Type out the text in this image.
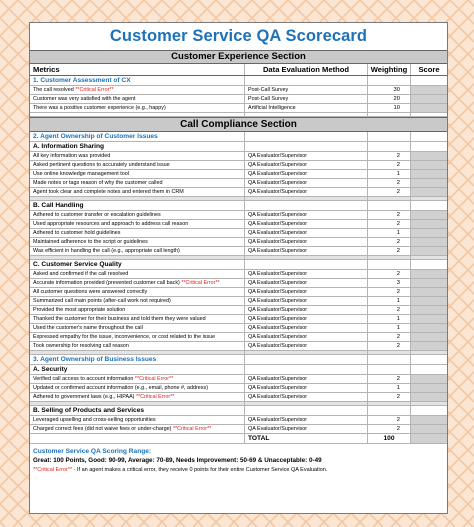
Customer Service QA Scorecard
Customer Experience Section
Metrics	Data Evaluation Method	Weighting	Score
1. Customer Assessment of CX
The call resolved **Critical Error**	Post-Call Survey	30
Customer was very satisfied with the agent	Post-Call Survey	20
There was a positive customer experience (e.g., happy)	Artificial Intelligence	10
Call Compliance Section
2. Agent Ownership of Customer Issues
A. Information Sharing
All key information was provided	QA Evaluator/Supervisor	2
Asked pertinent questions to accurately understand issue	QA Evaluator/Supervisor	2
Use online knowledge management tool	QA Evaluator/Supervisor	1
Made notes or tags reason of why the customer called	QA Evaluator/Supervisor	2
Agent took clear and complete notes and entered them in CRM	QA Evaluator/Supervisor	2
B. Call Handling
Adhered to customer transfer or escalation guidelines	QA Evaluator/Supervisor	2
Used appropriate resources and approach to address call reason	QA Evaluator/Supervisor	2
Adhered to customer hold guidelines	QA Evaluator/Supervisor	1
Maintained adherence to the script or guidelines	QA Evaluator/Supervisor	2
Was efficient in handling the call (e.g., appropriate call length)	QA Evaluator/Supervisor	2
C. Customer Service Quality
Asked and confirmed if the call resolved	QA Evaluator/Supervisor	2
Accurate information provided (prevented customer call back) **Critical Error**	QA Evaluator/Supervisor	3
All customer questions were answered correctly	QA Evaluator/Supervisor	2
Summarized call main points (after-call work not required)	QA Evaluator/Supervisor	1
Provided the most appropriate solution	QA Evaluator/Supervisor	2
Thanked the customer for their business and told them they were valued	QA Evaluator/Supervisor	1
Used the customer's name throughout the call	QA Evaluator/Supervisor	1
Expressed empathy for the issue, inconvenience, or cost related to the issue	QA Evaluator/Supervisor	2
Took ownership for resolving call reason	QA Evaluator/Supervisor	2
3. Agent Ownership of Business Issues
A. Security
Verified call access to account information **Critical Error**	QA Evaluator/Supervisor	2
Updated or confirmed account information (e.g., email, phone #, address)	QA Evaluator/Supervisor	1
Adhered to government laws (e.g., HIPAA) **Critical Error**	QA Evaluator/Supervisor	2
B. Selling of Products and Services
Leveraged upselling and cross-selling opportunities	QA Evaluator/Supervisor	2
Charged correct fees (did not waive fees or under-charge) **Critical Error**	QA Evaluator/Supervisor	2
TOTAL	100
Customer Service QA Scoring Range:
Great: 100 Points, Good: 90-99, Average: 70-89, Needs Improvement: 50-69 & Unacceptable: 0-49
**Critical Error** - If an agent makes a critical error, they receive 0 points for their entire Customer Service QA Evaluation.
